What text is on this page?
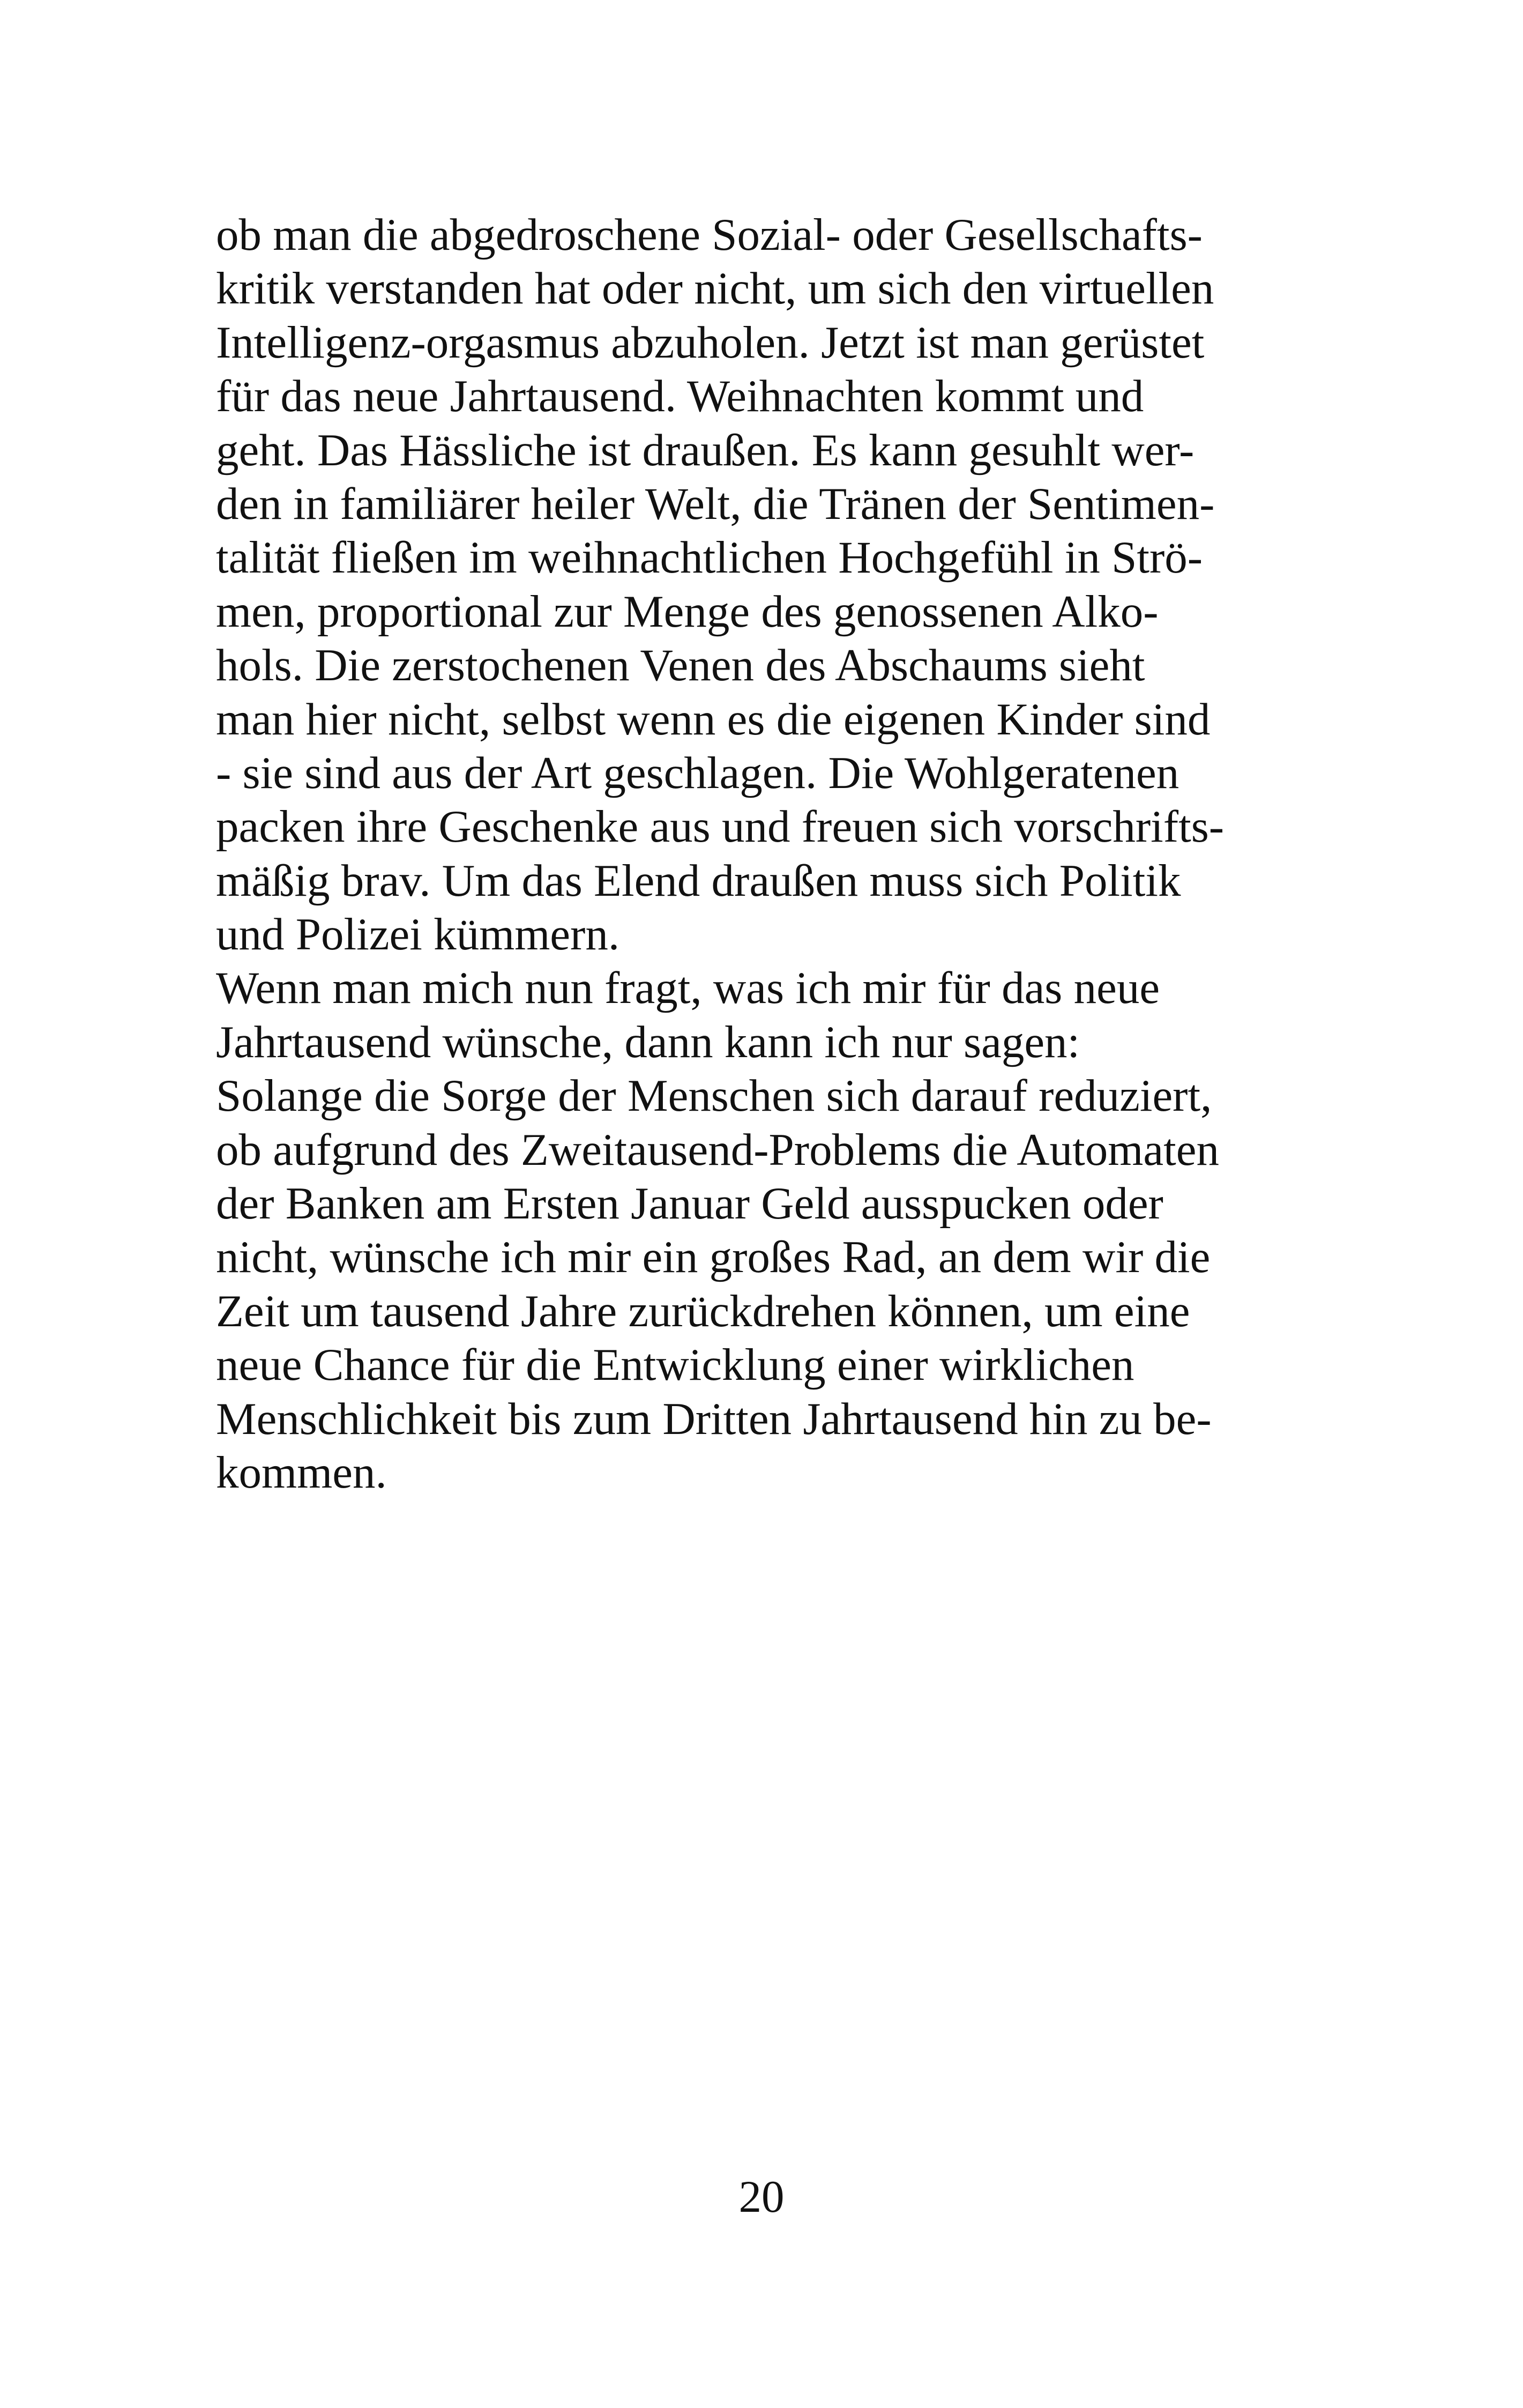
ob man die abgedroschene Sozial- oder Gesellschafts-
kritik verstanden hat oder nicht, um sich den virtuellen
Intelligenz-orgasmus abzuholen. Jetzt ist man gerüstet
für das neue Jahrtausend. Weihnachten kommt und
geht. Das Hässliche ist draußen. Es kann gesuhlt wer-
den in familiärer heiler Welt, die Tränen der Sentimen-
talität fließen im weihnachtlichen Hochgefühl in Strö-
men, proportional zur Menge des genossenen Alko-
hols. Die zerstochenen Venen des Abschaums sieht
man hier nicht, selbst wenn es die eigenen Kinder sind
- sie sind aus der Art geschlagen. Die Wohlgeratenen
packen ihre Geschenke aus und freuen sich vorschrifts-
mäßig brav. Um das Elend draußen muss sich Politik
und Polizei kümmern.
Wenn man mich nun fragt, was ich mir für das neue
Jahrtausend wünsche, dann kann ich nur sagen:
Solange die Sorge der Menschen sich darauf reduziert,
ob aufgrund des Zweitausend-Problems die Automaten
der Banken am Ersten Januar Geld ausspucken oder
nicht, wünsche ich mir ein großes Rad, an dem wir die
Zeit um tausend Jahre zurückdrehen können, um eine
neue Chance für die Entwicklung einer wirklichen
Menschlichkeit bis zum Dritten Jahrtausend hin zu be-
kommen.
20
